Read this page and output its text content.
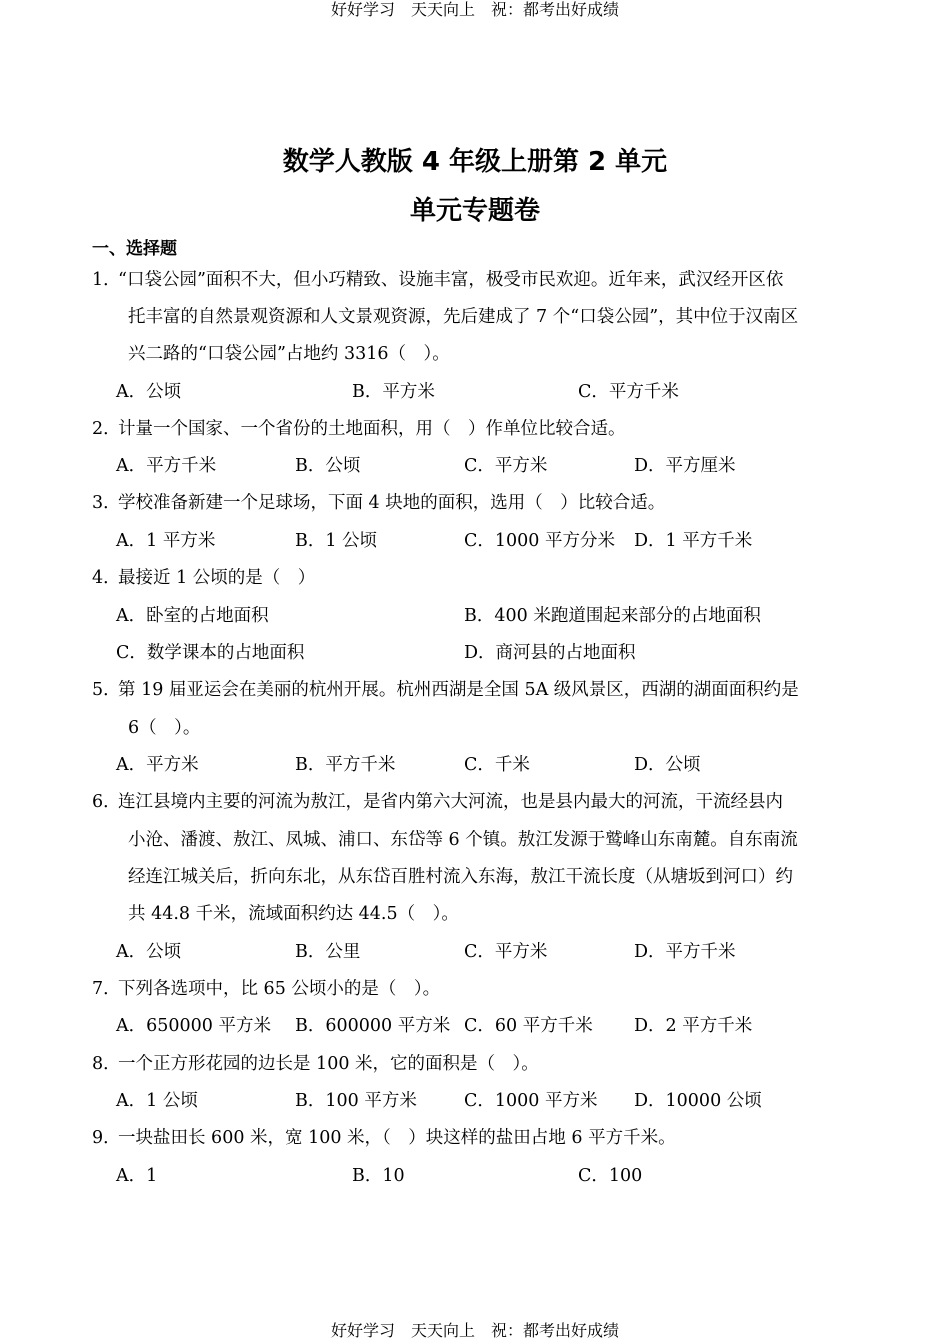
好好学习　天天向上　祝：都考出好成绩
数学人教版 4 年级上册第 2 单元
单元专题卷
一、选择题
1．
“口袋公园”面积不大，但小巧精致、设施丰富，极受市民欢迎。近年来，武汉经开区依
托丰富的自然景观资源和人文景观资源，先后建成了 7 个“口袋公园”，其中位于汉南区
兴二路的“口袋公园”占地约 3316（　）。
A．公顷	B．平方米	C．平方千米
2．
计量一个国家、一个省份的土地面积，用（　）作单位比较合适。
A．平方千米	B．公顷	C．平方米	D．平方厘米
3．
学校准备新建一个足球场，下面 4 块地的面积，选用（　）比较合适。
A．1 平方米	B．1 公顷	C．1000 平方分米 D．1 平方千米
4．
最接近 1 公顷的是（　）
A．卧室的占地面积	B．400 米跑道围起来部分的占地面积
C．数学课本的占地面积	D．商河县的占地面积
5．
第 19 届亚运会在美丽的杭州开展。杭州西湖是全国 5A 级风景区，西湖的湖面面积约是
6（　）。
A．平方米	B．平方千米	C．千米	D．公顷
6．
连江县境内主要的河流为敖江，是省内第六大河流，也是县内最大的河流，干流经县内
小沧、潘渡、敖江、凤城、浦口、东岱等 6 个镇。敖江发源于鹫峰山东南麓。自东南流
经连江城关后，折向东北，从东岱百胜村流入东海，敖江干流长度（从塘坂到河口）约
共 44.8 千米，流域面积约达 44.5（　）。
A．公顷	B．公里	C．平方米	D．平方千米
7．
下列各选项中，比 65 公顷小的是（　）。
A．650000 平方米 B．600000 平方米 C．60 平方千米 D．2 平方千米
8．
一个正方形花园的边长是 100 米，它的面积是（　）。
A．1 公顷	B．100 平方米	C．1000 平方米 D．10000 公顷
9．
一块盐田长 600 米，宽 100 米，（　）块这样的盐田占地 6 平方千米。
A．1	B．10	C．100
好好学习　天天向上　祝：都考出好成绩
